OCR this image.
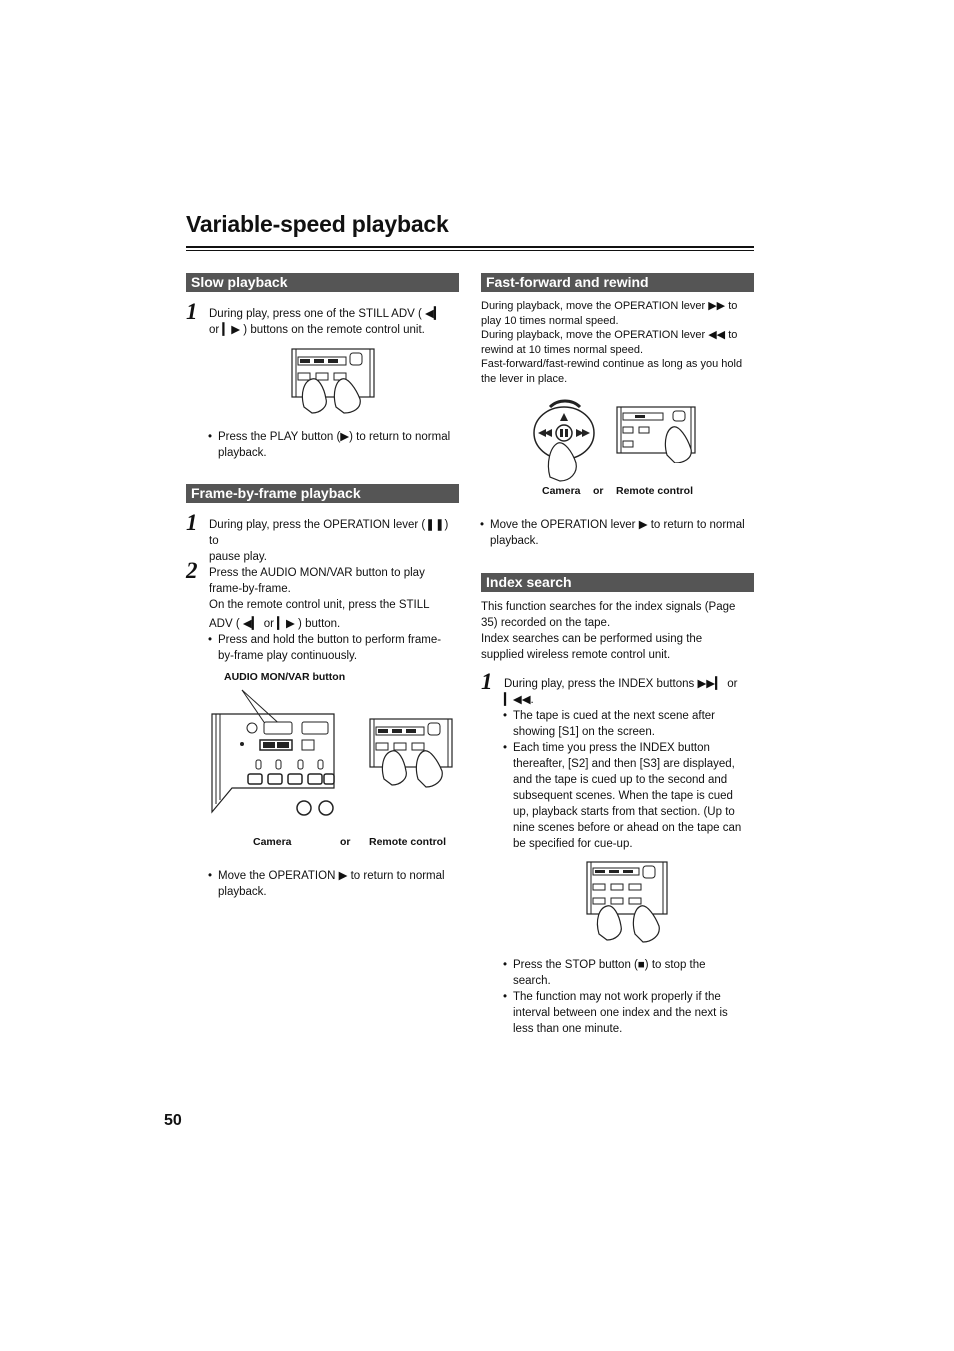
Variable-speed playback
Slow playback
1 During play, press one of the STILL ADV ( ◀▎

or ▎▶ ) buttons on the remote control unit.

• Press the PLAY button (▶) to return to normal

playback.

Frame-by-frame playback
1 During play, press the OPERATION lever (❚❚) to

pause play.

2 Press the AUDIO MON/VAR button to play

frame-by-frame.

On the remote control unit, press the STILL

ADV ( ◀▎ or ▎▶ ) button.

• Press and hold the button to perform frame-

by-frame play continuously.

AUDIO MON/VAR button
Camera	or Remote control

• Move the OPERATION ▶ to return to normal

playback.

50
Fast-forward and rewind

During playback, move the OPERATION lever ▶▶ to

play 10 times normal speed.

During playback, move the OPERATION lever ◀◀ to

rewind at 10 times normal speed.

Fast-forward/fast-rewind continue as long as you hold

the lever in place.

Camera or Remote control

• Move the OPERATION lever ▶ to return to normal

playback.

Index search

This function searches for the index signals (Page

35) recorded on the tape.

Index searches can be performed using the

supplied wireless remote control unit.

1 During play, press the INDEX buttons ▶▶▎ or

▎◀◀.

• The tape is cued at the next scene after

showing [S1] on the screen.

• Each time you press the INDEX button

thereafter, [S2] and then [S3] are displayed,

and the tape is cued up to the second and

subsequent scenes. When the tape is cued

up, playback starts from that section. (Up to

nine scenes before or ahead on the tape can

be specified for cue-up.

• Press the STOP button (■) to stop the

search.

• The function may not work properly if the

interval between one index and the next is

less than one minute.
